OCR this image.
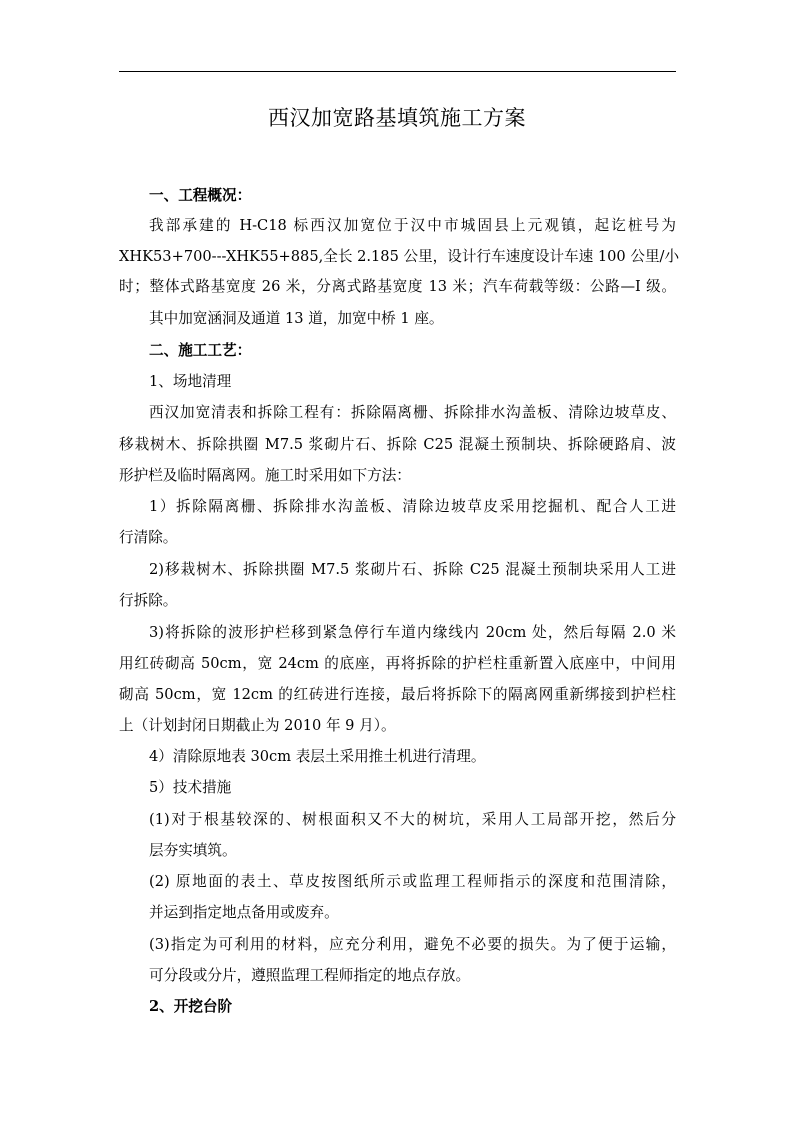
西汉加宽路基填筑施工方案
一、工程概况：
我部承建的 H-C18 标西汉加宽位于汉中市城固县上元观镇，起讫桩号为
XHK53+700---XHK55+885,全长 2.185 公里，设计行车速度设计车速 100 公里/小
时；整体式路基宽度 26 米，分离式路基宽度 13 米；汽车荷载等级：公路—I 级。
其中加宽涵洞及通道 13 道，加宽中桥 1 座。
二、施工工艺：
1、场地清理
西汉加宽清表和拆除工程有：拆除隔离栅、拆除排水沟盖板、清除边坡草皮、
移栽树木、拆除拱圈 M7.5 浆砌片石、拆除 C25 混凝土预制块、拆除硬路肩、波
形护栏及临时隔离网。施工时采用如下方法：
1）拆除隔离栅、拆除排水沟盖板、清除边坡草皮采用挖掘机、配合人工进
行清除。
2)移栽树木、拆除拱圈 M7.5 浆砌片石、拆除 C25 混凝土预制块采用人工进
行拆除。
3)将拆除的波形护栏移到紧急停行车道内缘线内 20cm 处，然后每隔 2.0 米
用红砖砌高 50cm，宽 24cm 的底座，再将拆除的护栏柱重新置入底座中，中间用
砌高 50cm，宽 12cm 的红砖进行连接，最后将拆除下的隔离网重新绑接到护栏柱
上（计划封闭日期截止为 2010 年 9 月）。
4）清除原地表 30cm 表层土采用推土机进行清理。
5）技术措施
(1)对于根基较深的、树根面积又不大的树坑，采用人工局部开挖，然后分
层夯实填筑。
(2) 原地面的表土、草皮按图纸所示或监理工程师指示的深度和范围清除，
并运到指定地点备用或废弃。
(3)指定为可利用的材料，应充分利用，避免不必要的损失。为了便于运输，
可分段或分片，遵照监理工程师指定的地点存放。
2、开挖台阶
